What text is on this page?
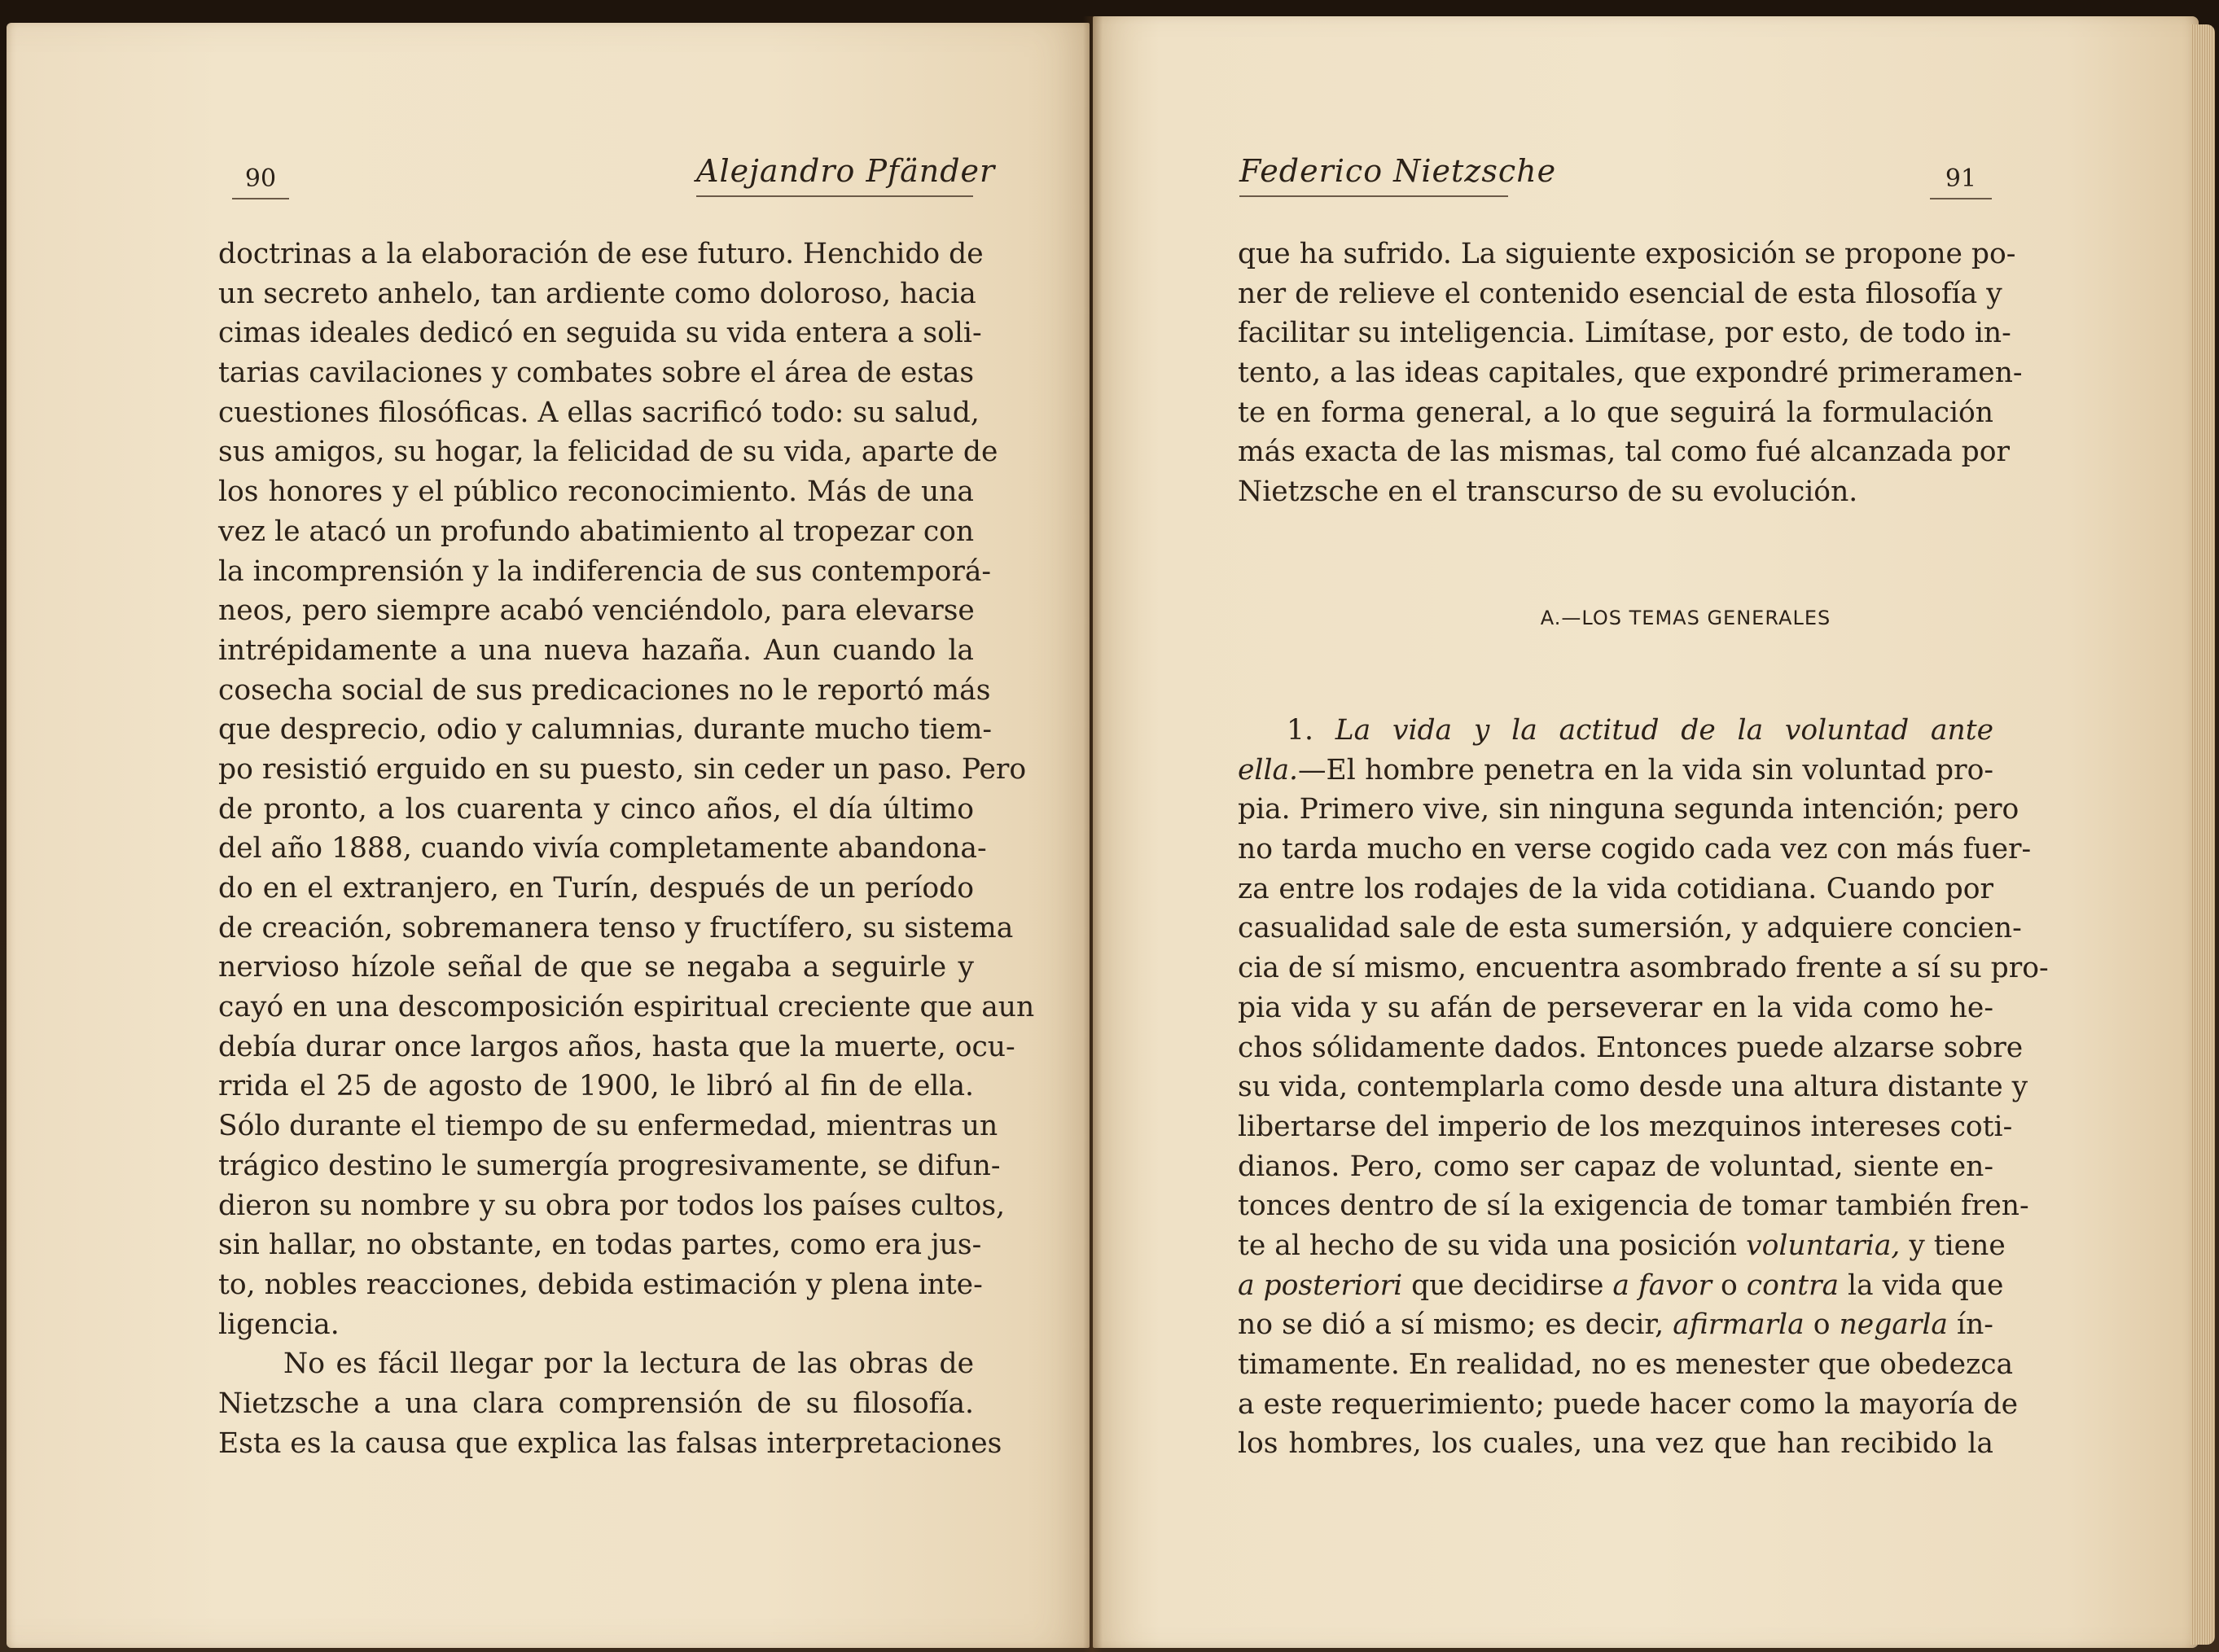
90	Alejandro Pfänder
doctrinas a la elaboración de ese futuro. Henchido de
un secreto anhelo, tan ardiente como doloroso, hacia
cimas ideales dedicó en seguida su vida entera a soli-
tarias cavilaciones y combates sobre el área de estas
cuestiones filosóficas. A ellas sacrificó todo: su salud,
sus amigos, su hogar, la felicidad de su vida, aparte de
los honores y el público reconocimiento. Más de una
vez le atacó un profundo abatimiento al tropezar con
la incomprensión y la indiferencia de sus contemporá-
neos, pero siempre acabó venciéndolo, para elevarse
intrépidamente a una nueva hazaña. Aun cuando la
cosecha social de sus predicaciones no le reportó más
que desprecio, odio y calumnias, durante mucho tiem-
po resistió erguido en su puesto, sin ceder un paso. Pero
de pronto, a los cuarenta y cinco años, el día último
del año 1888, cuando vivía completamente abandona-
do en el extranjero, en Turín, después de un período
de creación, sobremanera tenso y fructífero, su sistema
nervioso hízole señal de que se negaba a seguirle y
cayó en una descomposición espiritual creciente que aun
debía durar once largos años, hasta que la muerte, ocu-
rrida el 25 de agosto de 1900, le libró al fin de ella.
Sólo durante el tiempo de su enfermedad, mientras un
trágico destino le sumergía progresivamente, se difun-
dieron su nombre y su obra por todos los países cultos,
sin hallar, no obstante, en todas partes, como era jus-
to, nobles reacciones, debida estimación y plena inte-
ligencia.
No es fácil llegar por la lectura de las obras de
Nietzsche a una clara comprensión de su filosofía.
Esta es la causa que explica las falsas interpretaciones
Federico Nietzsche	91
que ha sufrido. La siguiente exposición se propone po-
ner de relieve el contenido esencial de esta filosofía y
facilitar su inteligencia. Limítase, por esto, de todo in-
tento, a las ideas capitales, que expondré primeramen-
te en forma general, a lo que seguirá la formulación
más exacta de las mismas, tal como fué alcanzada por
Nietzsche en el transcurso de su evolución.
A.—LOS TEMAS GENERALES
1. La vida y la actitud de la voluntad ante
ella.—El hombre penetra en la vida sin voluntad pro-
pia. Primero vive, sin ninguna segunda intención; pero
no tarda mucho en verse cogido cada vez con más fuer-
za entre los rodajes de la vida cotidiana. Cuando por
casualidad sale de esta sumersión, y adquiere concien-
cia de sí mismo, encuentra asombrado frente a sí su pro-
pia vida y su afán de perseverar en la vida como he-
chos sólidamente dados. Entonces puede alzarse sobre
su vida, contemplarla como desde una altura distante y
libertarse del imperio de los mezquinos intereses coti-
dianos. Pero, como ser capaz de voluntad, siente en-
tonces dentro de sí la exigencia de tomar también fren-
te al hecho de su vida una posición voluntaria, y tiene
a posteriori que decidirse a favor o contra la vida que
no se dió a sí mismo; es decir, afirmarla o negarla ín-
timamente. En realidad, no es menester que obedezca
a este requerimiento; puede hacer como la mayoría de
los hombres, los cuales, una vez que han recibido la
